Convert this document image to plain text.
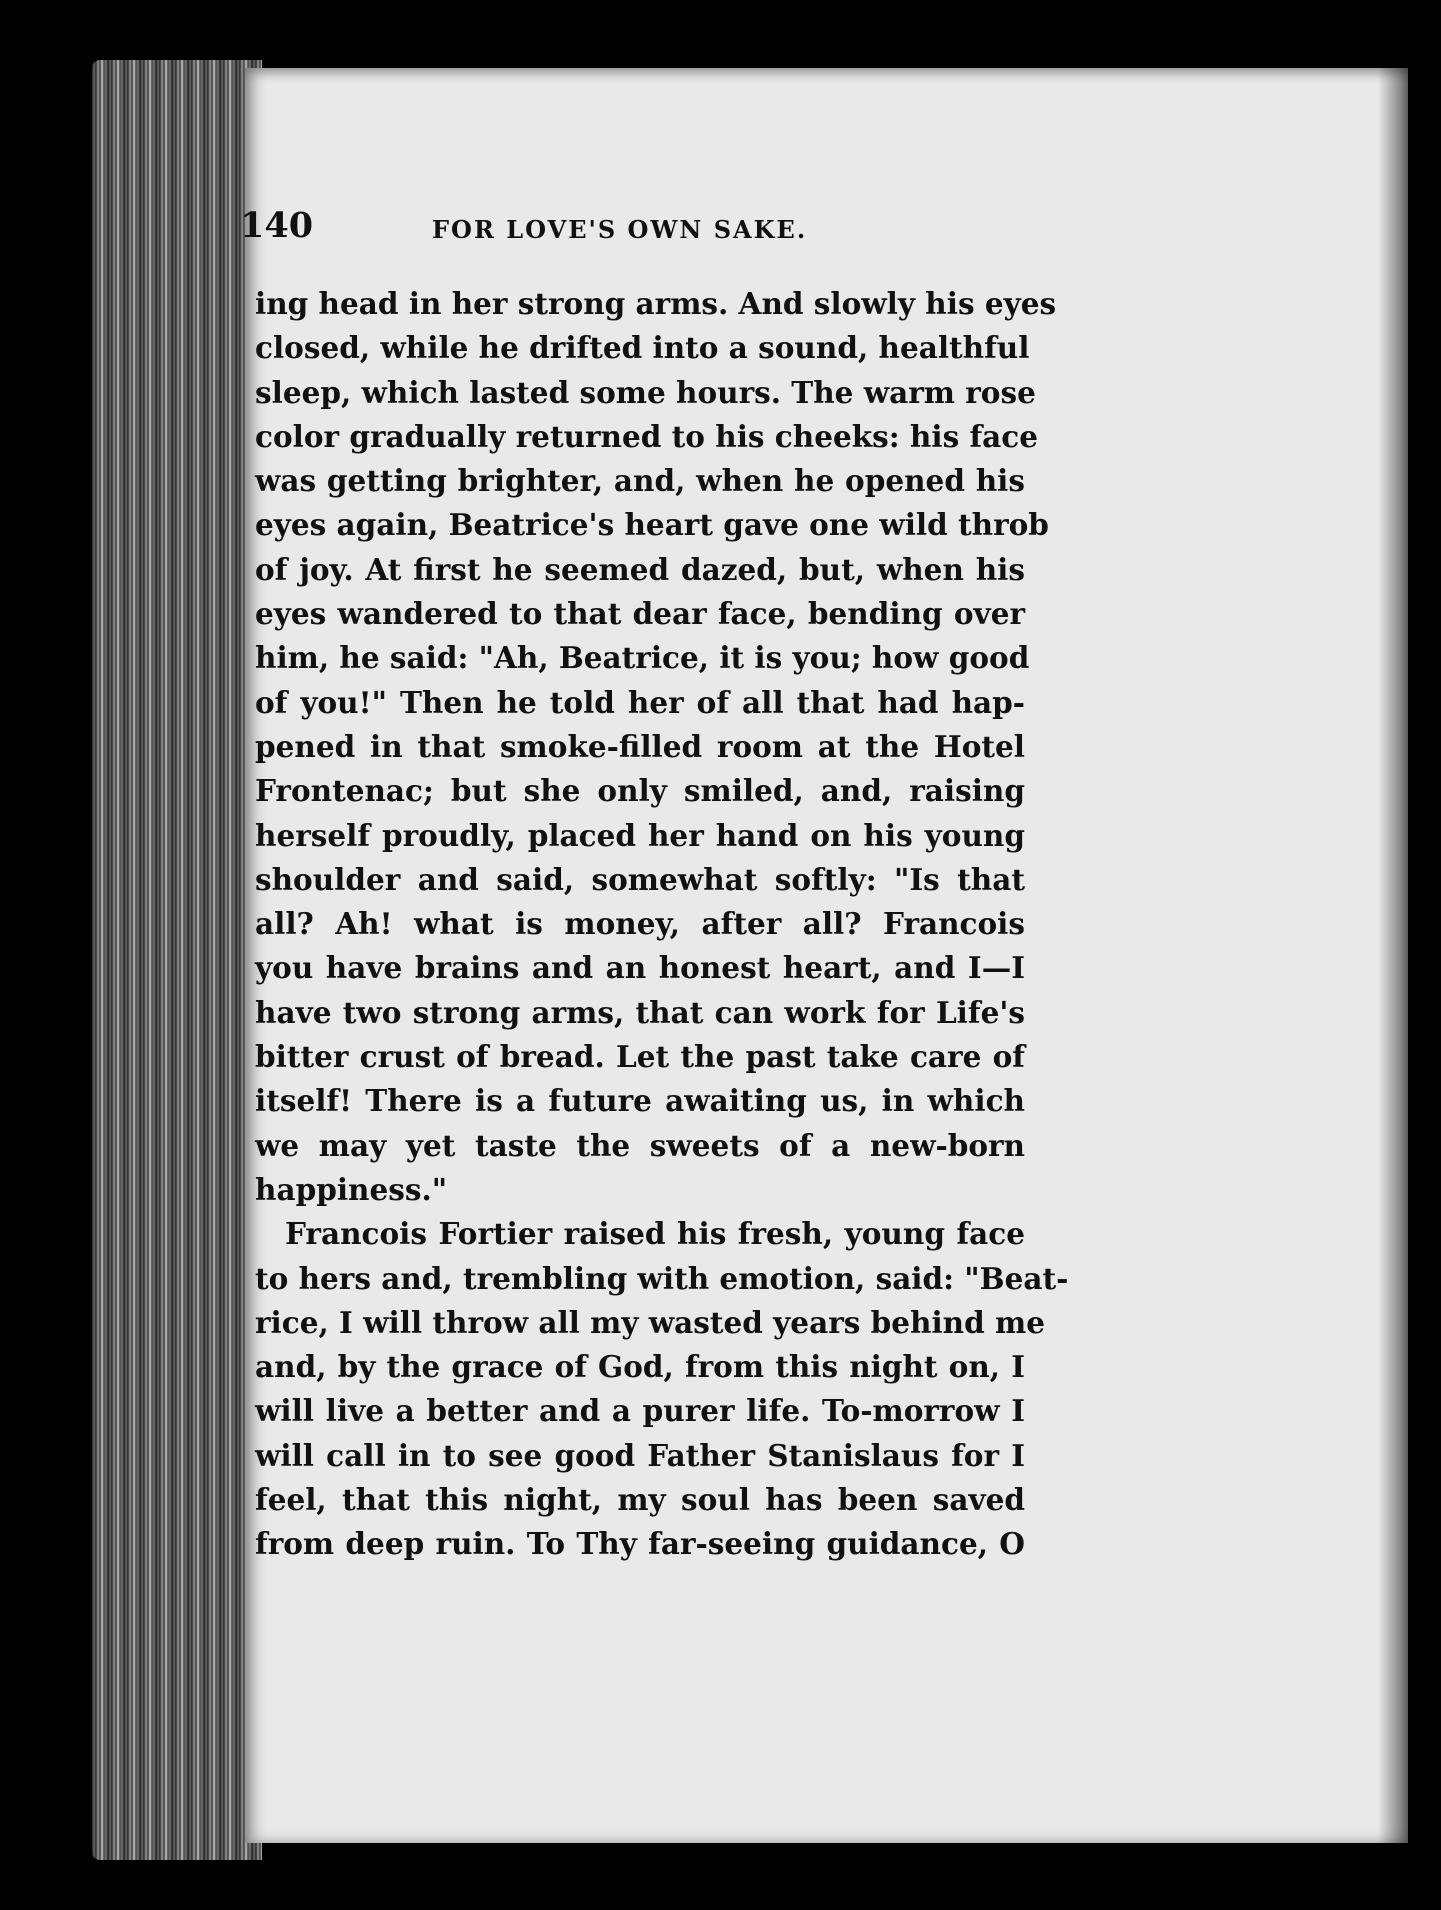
140	FOR LOVE'S OWN SAKE.
ing head in her strong arms. And slowly his eyes
closed, while he drifted into a sound, healthful
sleep, which lasted some hours. The warm rose
color gradually returned to his cheeks: his face
was getting brighter, and, when he opened his
eyes again, Beatrice's heart gave one wild throb
of joy. At first he seemed dazed, but, when his
eyes wandered to that dear face, bending over
him, he said: "Ah, Beatrice, it is you; how good
of you!" Then he told her of all that had hap-
pened in that smoke-filled room at the Hotel
Frontenac; but she only smiled, and, raising
herself proudly, placed her hand on his young
shoulder and said, somewhat softly: "Is that
all? Ah! what is money, after all? Francois
you have brains and an honest heart, and I—I
have two strong arms, that can work for Life's
bitter crust of bread. Let the past take care of
itself! There is a future awaiting us, in which
we may yet taste the sweets of a new-born
happiness."
Francois Fortier raised his fresh, young face
to hers and, trembling with emotion, said: "Beat-
rice, I will throw all my wasted years behind me
and, by the grace of God, from this night on, I
will live a better and a purer life. To-morrow I
will call in to see good Father Stanislaus for I
feel, that this night, my soul has been saved
from deep ruin. To Thy far-seeing guidance, O
